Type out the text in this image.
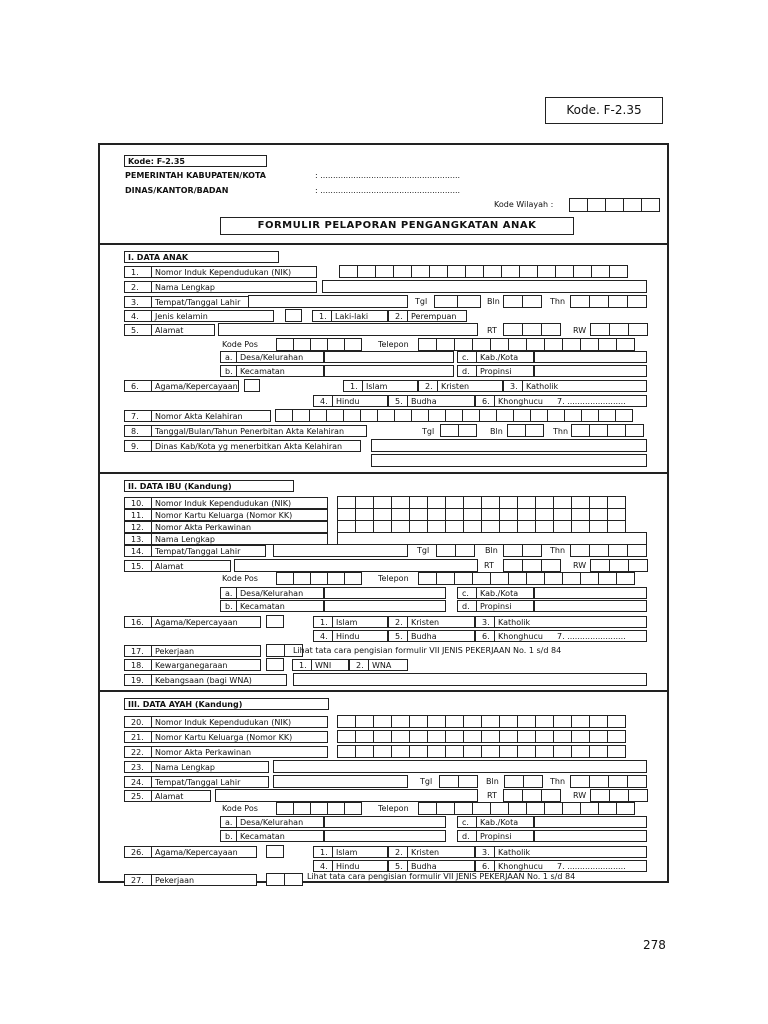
Kode. F-2.35
Kode: F-2.35
PEMERINTAH KABUPATEN/KOTA	: .......................................................
DINAS/KANTOR/BADAN	: .......................................................
Kode Wilayah :
FORMULIR PELAPORAN PENGANGKATAN ANAK
I. DATA ANAK
1.	Nomor Induk Kependudukan (NIK)
2.	Nama Lengkap
3.	Tempat/Tanggal Lahir	Tgl	Bln	Thn
4.	Jenis kelamin	1.	Laki-laki	2.	Perempuan
5.	Alamat	RT	RW
Kode Pos	Telepon
a. Desa/Kelurahan	c.	Kab./Kota
b. Kecamatan	d.	Propinsi
6.	Agama/Kepercayaan	1.	Islam	2.	Kristen	3.	Katholik
4.	Hindu	5.	Budha	6.	Khonghucu	7. .......................
7.	Nomor Akta Kelahiran
8.	Tanggal/Bulan/Tahun Penerbitan Akta Kelahiran	Tgl	Bln	Thn
9.	Dinas Kab/Kota yg menerbitkan Akta Kelahiran
II. DATA IBU (Kandung)
10.	Nomor Induk Kependudukan (NIK)
11.	Nomor Kartu Keluarga (Nomor KK)
12.	Nomor Akta Perkawinan
13.	Nama Lengkap
14.	Tempat/Tanggal Lahir	Tgl	Bln	Thn
15.	Alamat	RT	RW
Kode Pos	Telepon
a. Desa/Kelurahan	c.	Kab./Kota
b. Kecamatan	d.	Propinsi
16.	Agama/Kepercayaan	1.	Islam	2.	Kristen	3.	Katholik
4.	Hindu	5.	Budha	6.	Khonghucu	7. .......................
17.	Pekerjaan	Lihat tata cara pengisian formulir VII JENIS PEKERJAAN No. 1 s/d 84
18.	Kewarganegaraan	1.	WNI	2.	WNA
19.	Kebangsaan (bagi WNA)
III. DATA AYAH (Kandung)
20.	Nomor Induk Kependudukan (NIK)
21.	Nomor Kartu Keluarga (Nomor KK)
22.	Nomor Akta Perkawinan
23.	Nama Lengkap
24.	Tempat/Tanggal Lahir	Tgl	Bln	Thn
25.	Alamat	RT	RW
Kode Pos	Telepon
a. Desa/Kelurahan	c.	Kab./Kota
b. Kecamatan	d.	Propinsi
26.	Agama/Kepercayaan	1.	Islam	2.	Kristen	3.	Katholik
4.	Hindu	5.	Budha	6.	Khonghucu	7. .......................
27.	Pekerjaan	Lihat tata cara pengisian formulir VII JENIS PEKERJAAN No. 1 s/d 84
278
